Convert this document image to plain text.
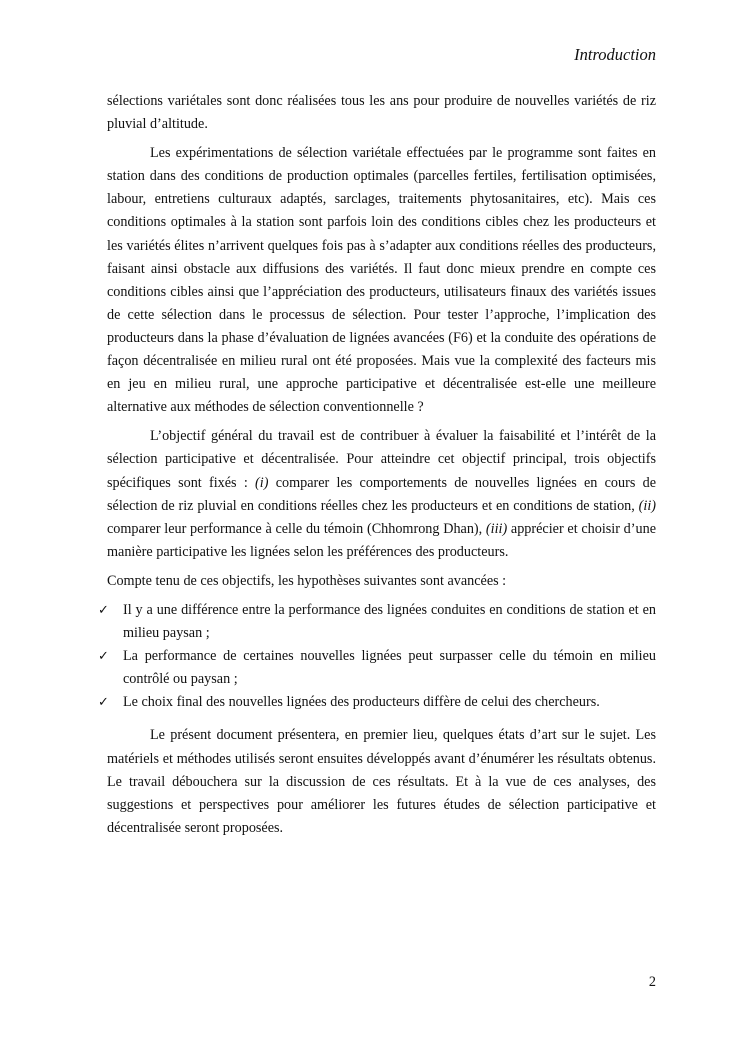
Introduction

sélections variétales sont donc réalisées tous les ans pour produire de nouvelles variétés de riz pluvial d’altitude.

Les expérimentations de sélection variétale effectuées par le programme sont faites en station dans des conditions de production optimales (parcelles fertiles, fertilisation optimisées, labour, entretiens culturaux adaptés, sarclages, traitements phytosanitaires, etc). Mais ces conditions optimales à la station sont parfois loin des conditions cibles chez les producteurs et les variétés élites n’arrivent quelques fois pas à s’adapter aux conditions réelles des producteurs, faisant ainsi obstacle aux diffusions des variétés. Il faut donc mieux prendre en compte ces conditions cibles ainsi que l’appréciation des producteurs, utilisateurs finaux des variétés issues de cette sélection dans le processus de sélection. Pour tester l’approche, l’implication des producteurs dans la phase d’évaluation de lignées avancées (F6) et la conduite des opérations de façon décentralisée en milieu rural ont été proposées. Mais vue la complexité des facteurs mis en jeu en milieu rural, une approche participative et décentralisée est-elle une meilleure alternative aux méthodes de sélection conventionnelle ?

L’objectif général du travail est de contribuer à évaluer la faisabilité et l’intérêt de la sélection participative et décentralisée. Pour atteindre cet objectif principal, trois objectifs spécifiques sont fixés : (i) comparer les comportements de nouvelles lignées en cours de sélection de riz pluvial en conditions réelles chez les producteurs et en conditions de station, (ii) comparer leur performance à celle du témoin (Chhomrong Dhan), (iii) apprécier et choisir d’une manière participative les lignées selon les préférences des producteurs.

Compte tenu de ces objectifs, les hypothèses suivantes sont avancées :

✓ Il y a une différence entre la performance des lignées conduites en conditions de station et en milieu paysan ;
✓ La performance de certaines nouvelles lignées peut surpasser celle du témoin en milieu contrôlé ou paysan ;
✓ Le choix final des nouvelles lignées des producteurs diffère de celui des chercheurs.

Le présent document présentera, en premier lieu, quelques états d’art sur le sujet. Les matériels et méthodes utilisés seront ensuites développés avant d’énumérer les résultats obtenus. Le travail débouchera sur la discussion de ces résultats. Et à la vue de ces analyses, des suggestions et perspectives pour améliorer les futures études de sélection participative et décentralisée seront proposées.

2
